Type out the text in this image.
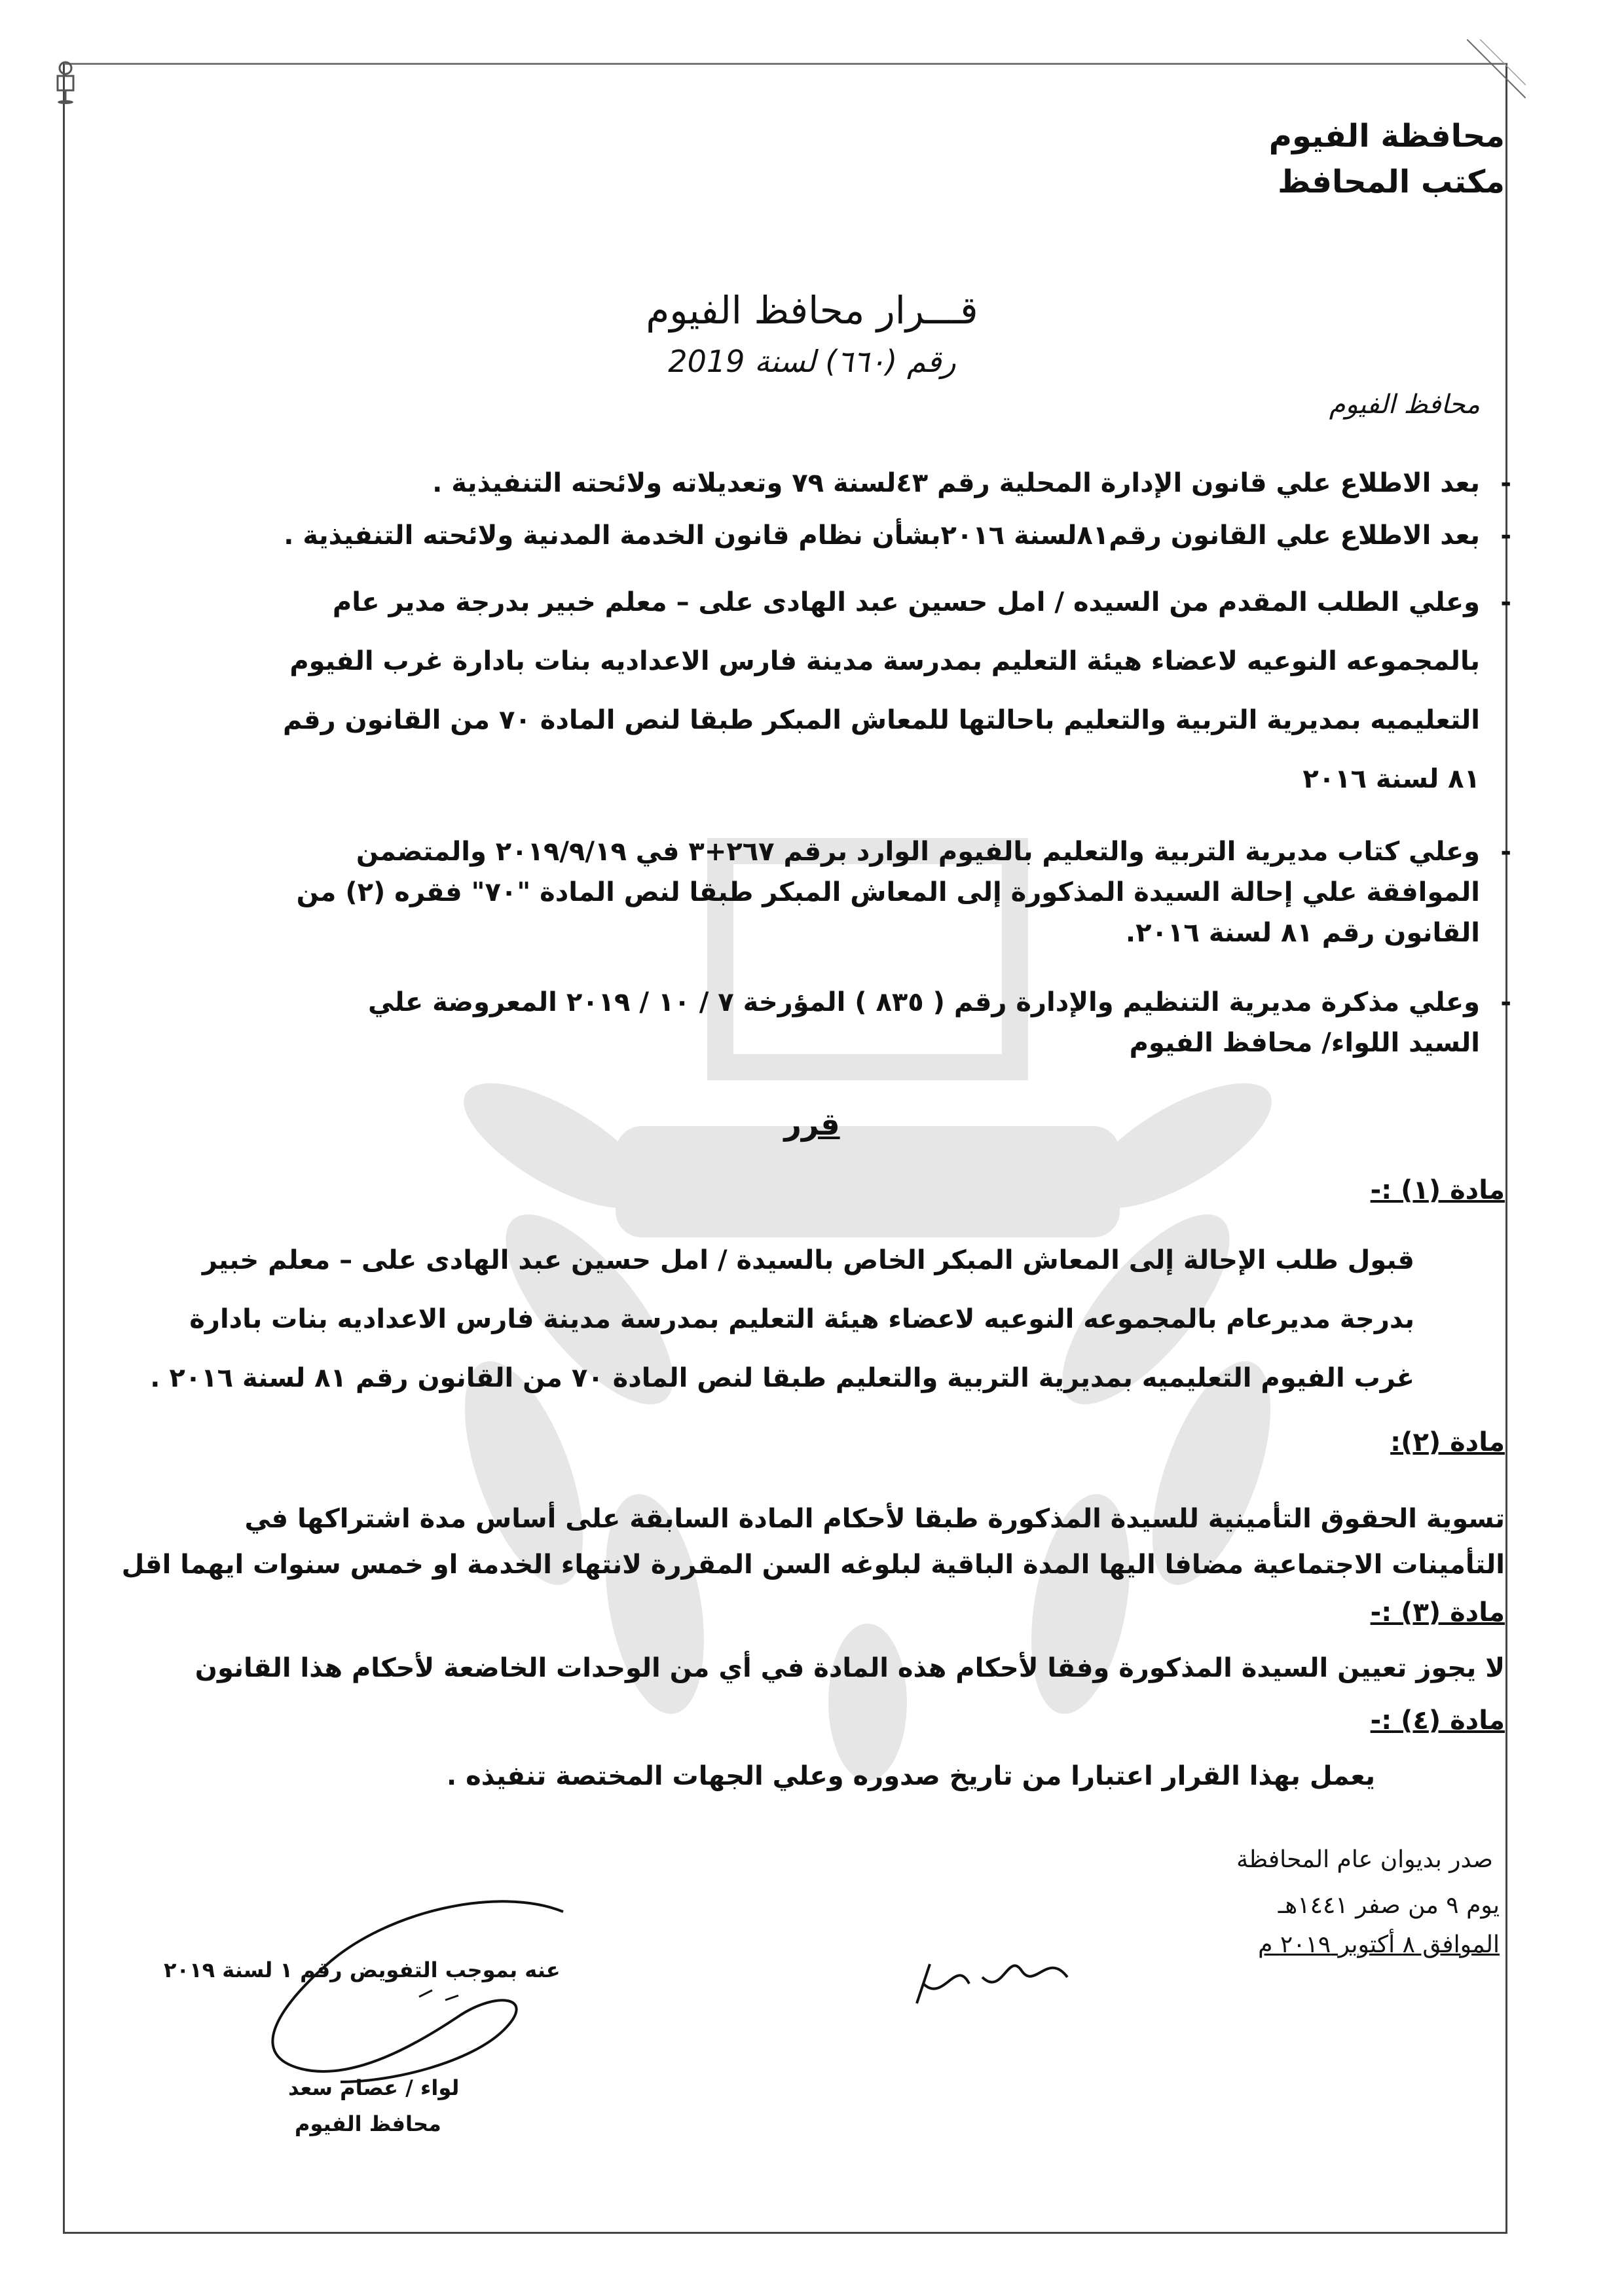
محافظة الفيوم
مكتب المحافظ
قـــرار محافظ الفيوم
رقم (٦٦٠) لسنة 2019
محافظ الفيوم
-
بعد الاطلاع علي قانون الإدارة المحلية رقم ٤٣لسنة ٧٩ وتعديلاته ولائحته التنفيذية .
-
بعد الاطلاع علي القانون رقم٨١لسنة ٢٠١٦بشأن نظام قانون الخدمة المدنية ولائحته التنفيذية .
-
وعلي الطلب المقدم من السيده / امل حسين عبد الهادى على – معلم خبير بدرجة مدير عام
بالمجموعه النوعيه لاعضاء هيئة التعليم بمدرسة مدينة فارس الاعداديه بنات بادارة غرب الفيوم
التعليميه بمديرية التربية والتعليم باحالتها للمعاش المبكر طبقا لنص المادة ٧٠ من القانون رقم
٨١ لسنة ٢٠١٦
-
وعلي كتاب مديرية التربية والتعليم بالفيوم الوارد برقم ٢٦٧+٣ في ٢٠١٩/٩/١٩ والمتضمن
الموافقة علي إحالة السيدة المذكورة إلى المعاش المبكر طبقا لنص المادة "٧٠" فقره (٢) من
القانون رقم ٨١ لسنة ٢٠١٦.
-
وعلي مذكرة مديرية التنظيم والإدارة رقم ( ٨٣٥ ) المؤرخة ٧ / ١٠ / ٢٠١٩ المعروضة علي
السيد اللواء/ محافظ الفيوم
قرر
مادة (١) :-
قبول طلب الإحالة إلى المعاش المبكر الخاص بالسيدة / امل حسين عبد الهادى على – معلم خبير
بدرجة مديرعام بالمجموعه النوعيه لاعضاء هيئة التعليم بمدرسة مدينة فارس الاعداديه بنات بادارة
غرب الفيوم التعليميه بمديرية التربية والتعليم طبقا لنص المادة ٧٠ من القانون رقم ٨١ لسنة ٢٠١٦ .
مادة (٢):
تسوية الحقوق التأمينية للسيدة المذكورة طبقا لأحكام المادة السابقة على أساس مدة اشتراكها في
التأمينات الاجتماعية مضافا اليها المدة الباقية لبلوغه السن المقررة لانتهاء الخدمة او خمس سنوات ايهما اقل
مادة (٣) :-
لا يجوز تعيين السيدة المذكورة وفقا لأحكام هذه المادة في أي من الوحدات الخاضعة لأحكام هذا القانون
مادة (٤) :-
يعمل بهذا القرار اعتبارا من تاريخ صدوره وعلي الجهات المختصة تنفيذه .
صدر بديوان عام المحافظة
يوم ٩ من صفر ١٤٤١هـ
الموافق ٨ أكتوبر ٢٠١٩ م
عنه بموجب التفويض رقم ١ لسنة ٢٠١٩
لواء / عصام سعد
محافظ الفيوم
